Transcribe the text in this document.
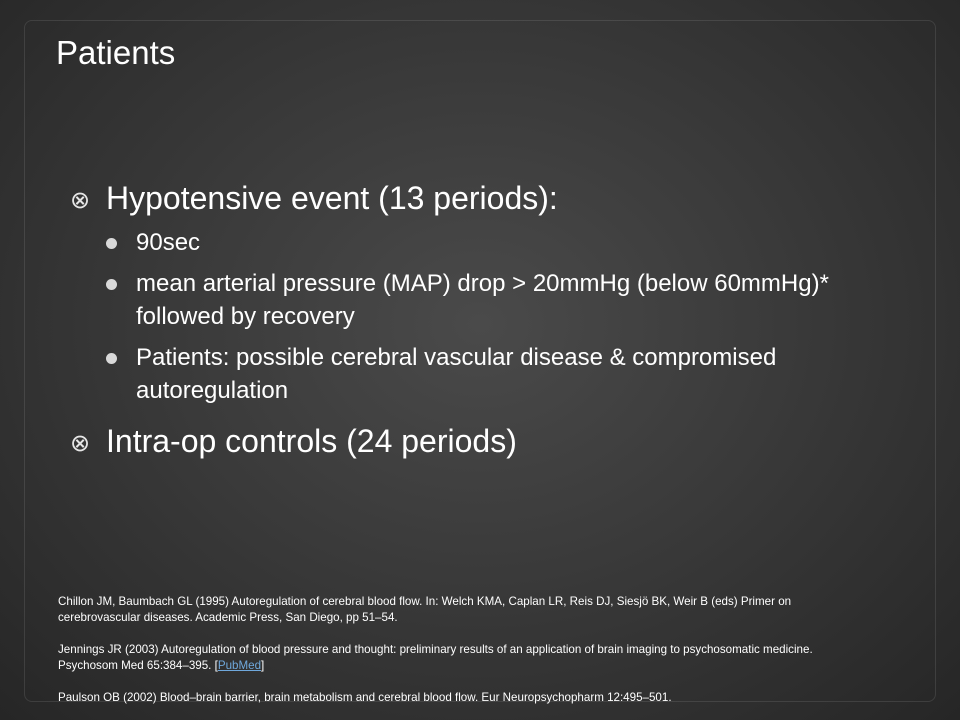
Patients
⊗ Hypotensive event (13 periods):
90sec
mean arterial pressure (MAP) drop > 20mmHg (below 60mmHg)* followed by recovery
Patients: possible cerebral vascular disease & compromised autoregulation
⊗ Intra-op controls (24 periods)

Chillon JM, Baumbach GL (1995) Autoregulation of cerebral blood flow. In: Welch KMA, Caplan LR, Reis DJ, Siesjö BK, Weir B (eds) Primer on

cerebrovascular diseases. Academic Press, San Diego, pp 51–54.

Jennings JR (2003) Autoregulation of blood pressure and thought: preliminary results of an application of brain imaging to psychosomatic medicine.

Psychosom Med 65:384–395. [PubMed]

Paulson OB (2002) Blood–brain barrier, brain metabolism and cerebral blood flow. Eur Neuropsychopharm 12:495–501.
